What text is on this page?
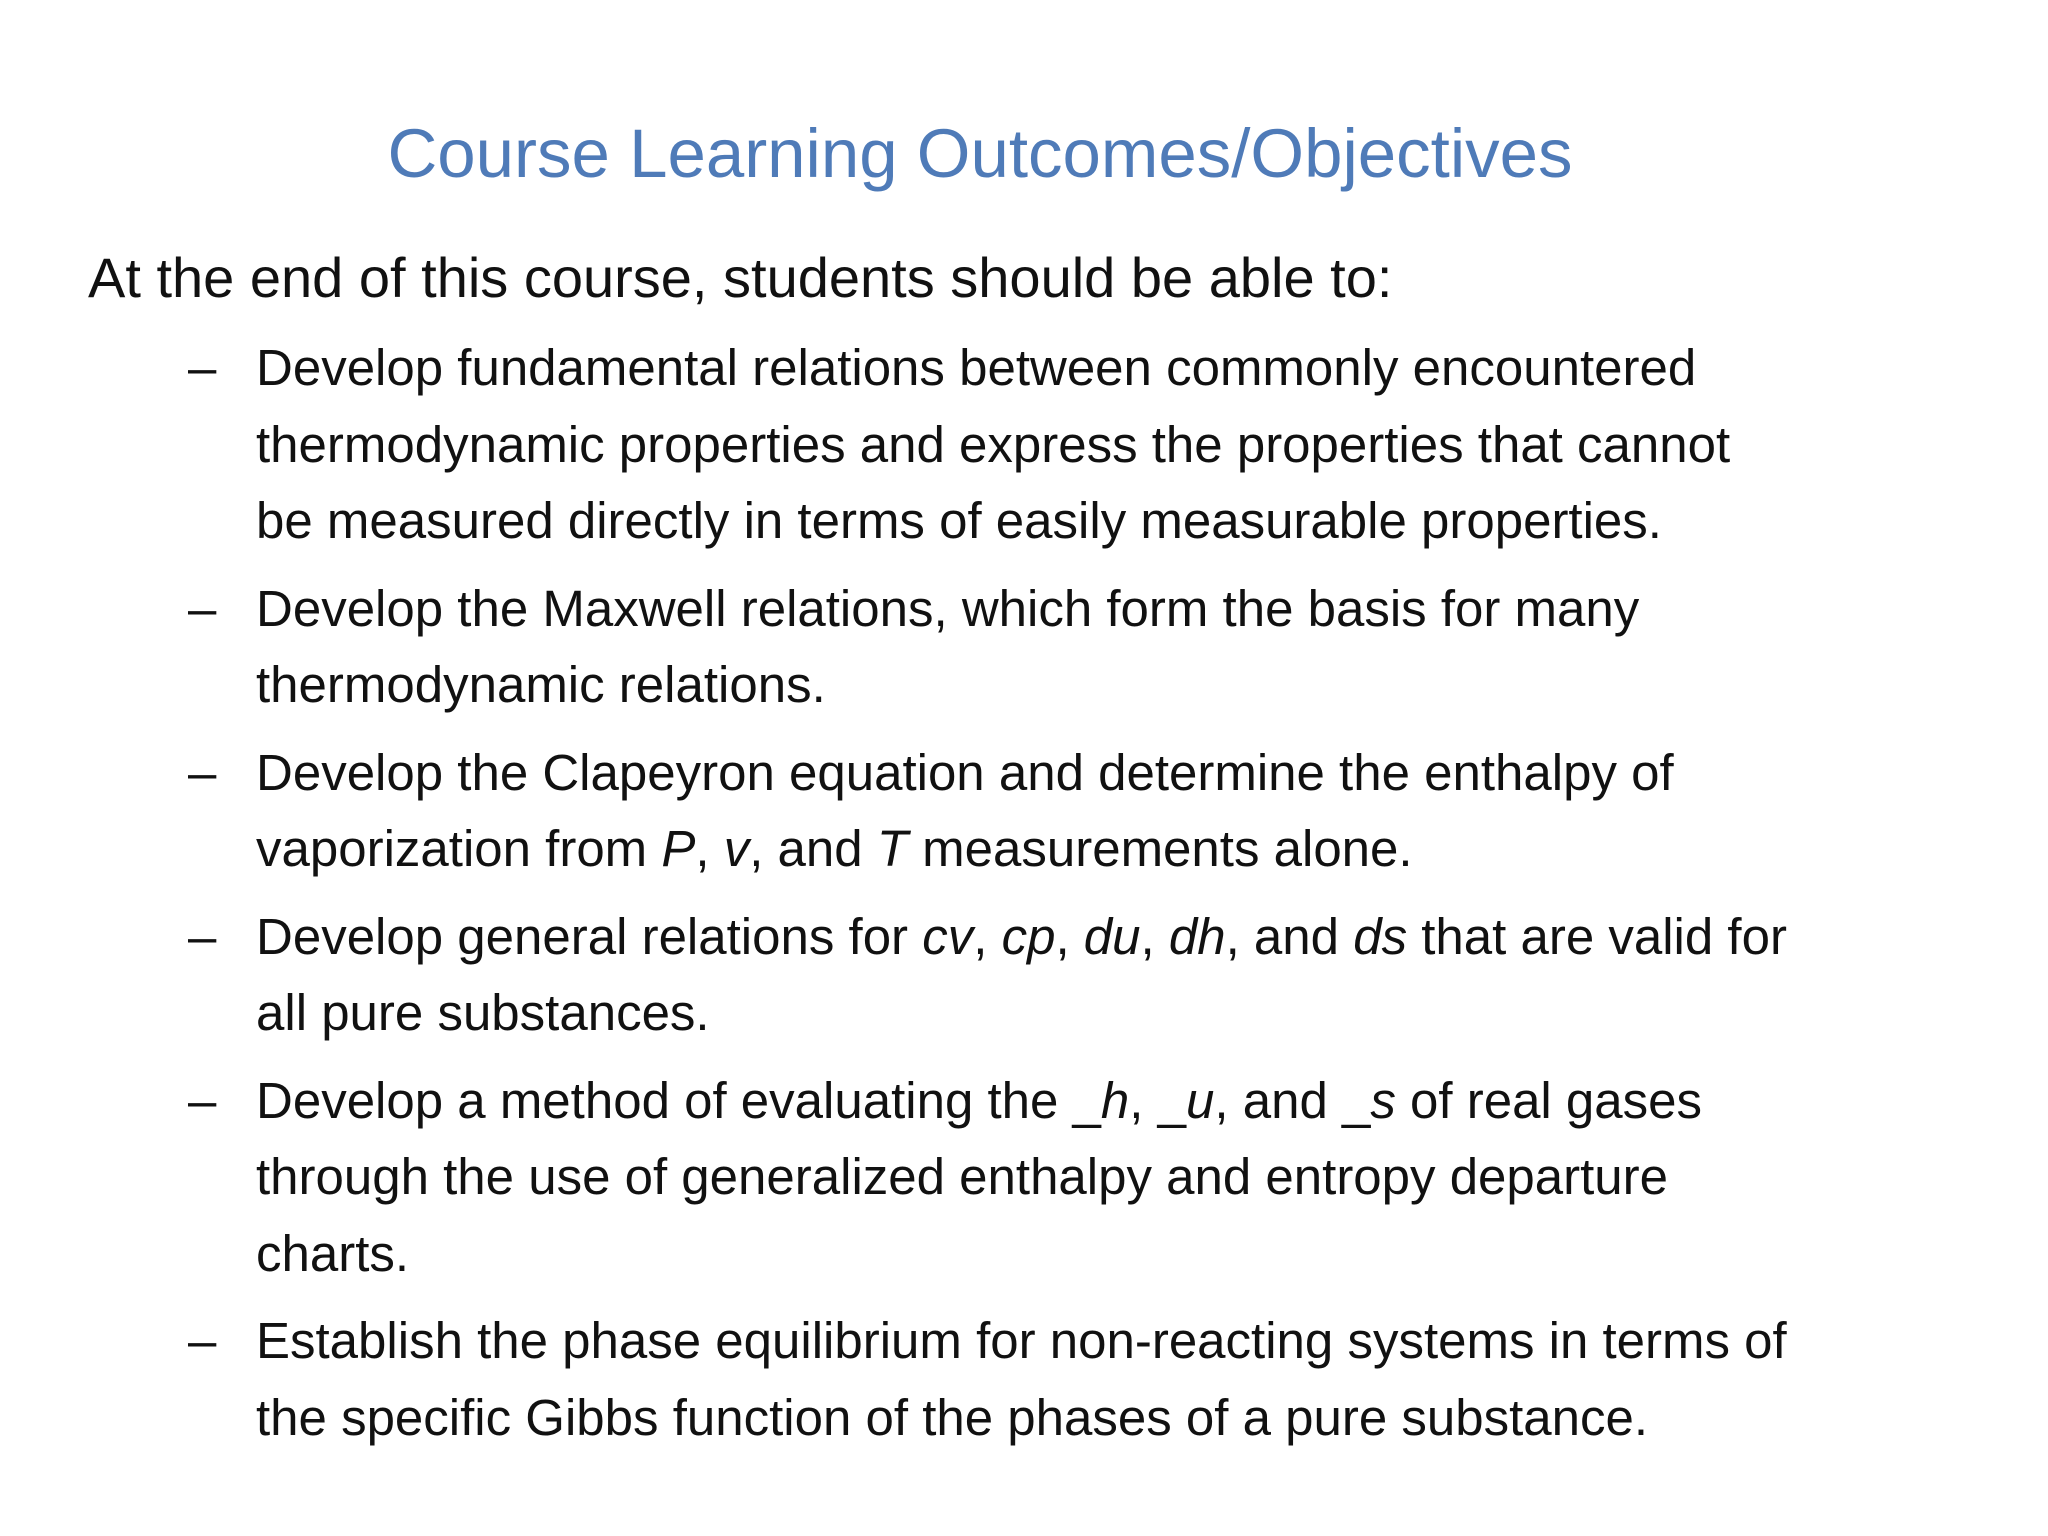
Course Learning Outcomes/Objectives
At the end of this course, students should be able to:
– Develop fundamental relations between commonly encountered
thermodynamic properties and express the properties that cannot
be measured directly in terms of easily measurable properties.
– Develop the Maxwell relations, which form the basis for many
thermodynamic relations.
– Develop the Clapeyron equation and determine the enthalpy of
vaporization from P, v, and T measurements alone.
– Develop general relations for cv, cp, du, dh, and ds that are valid for
all pure substances.
– Develop a method of evaluating the _h, _u, and _s of real gases
through the use of generalized enthalpy and entropy departure
charts.
– Establish the phase equilibrium for non-reacting systems in terms of
the specific Gibbs function of the phases of a pure substance.
